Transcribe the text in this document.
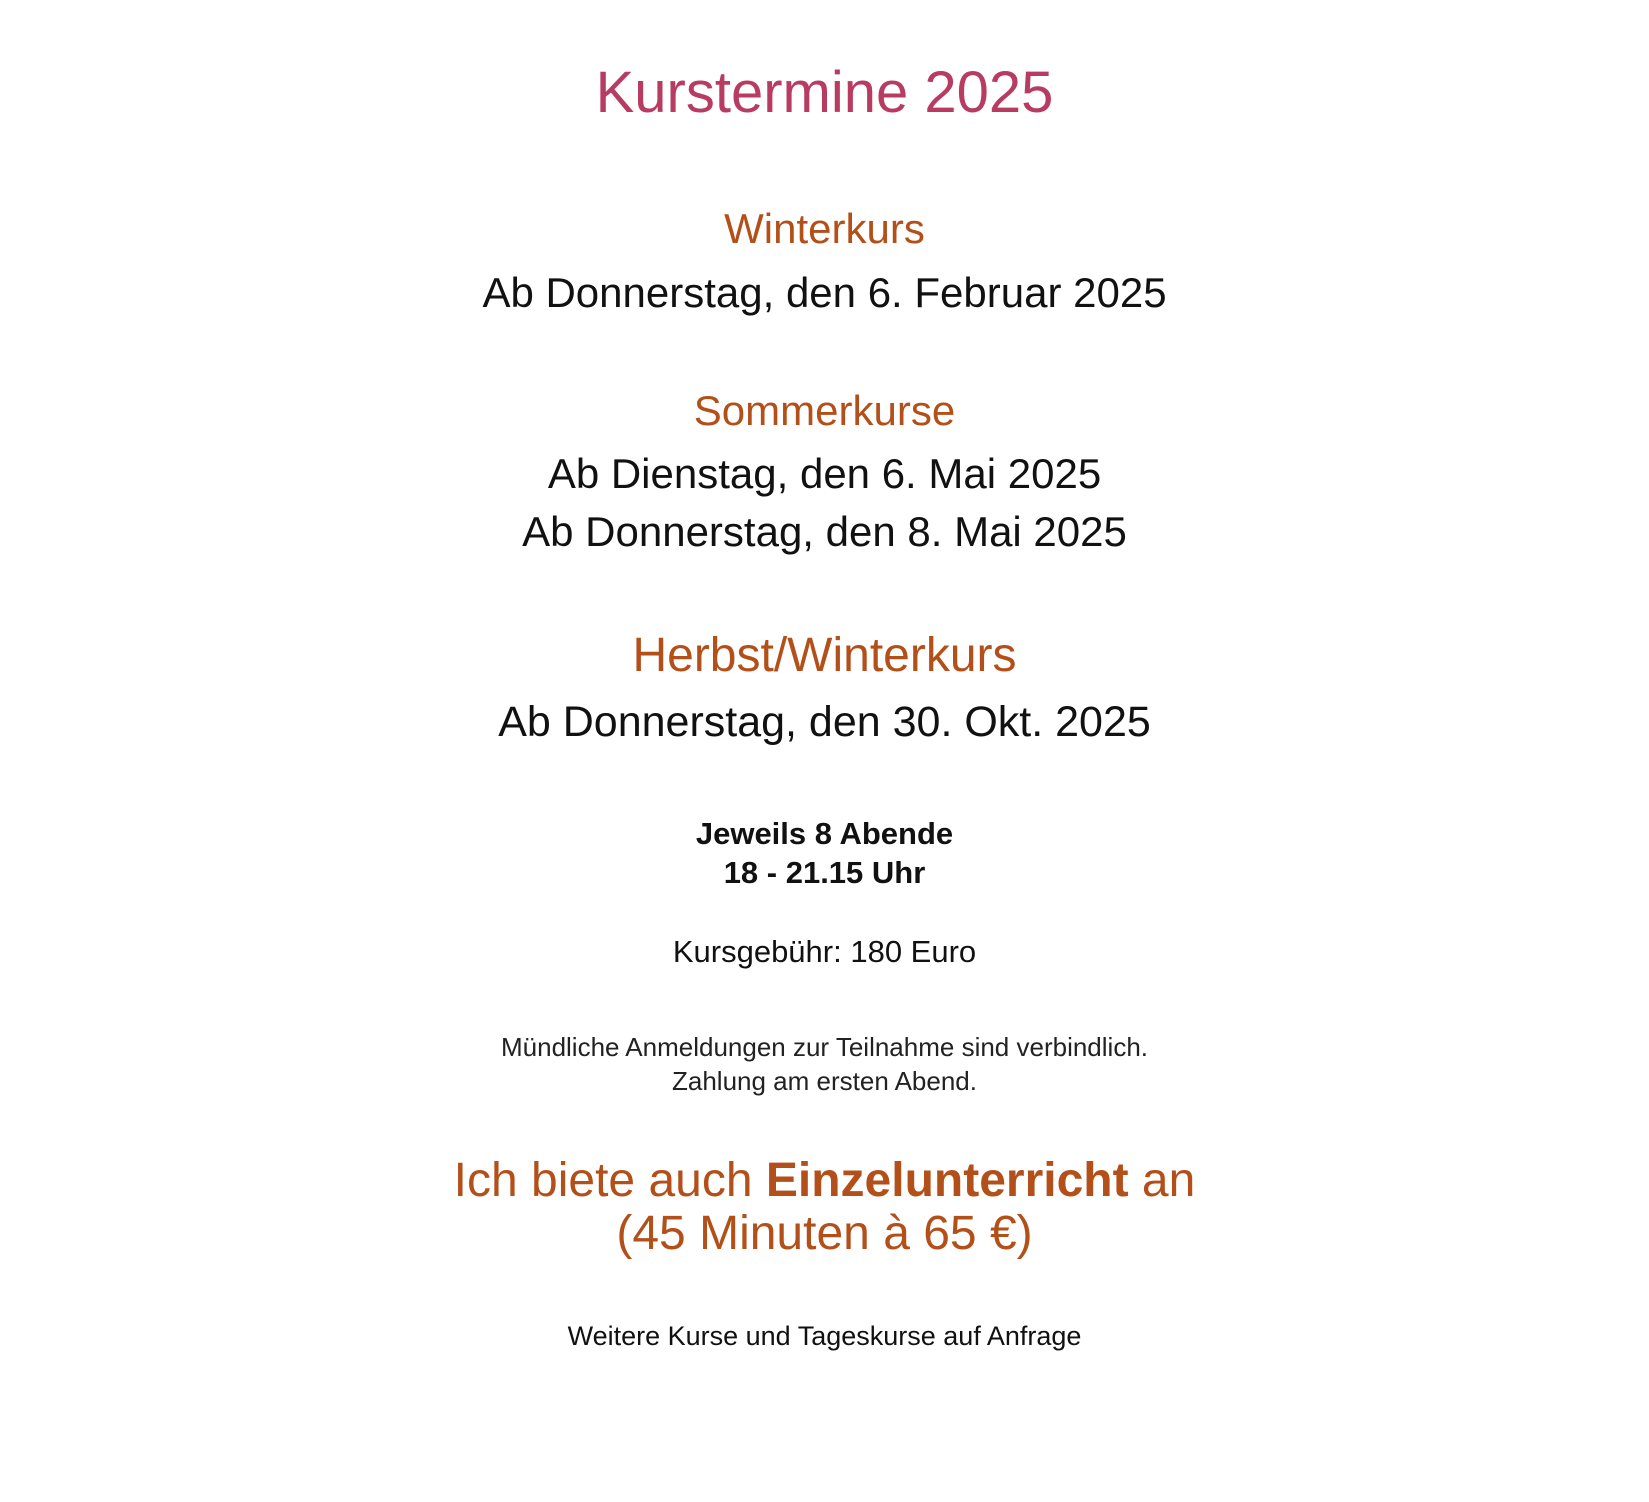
Kurstermine 2025
Winterkurs
Ab Donnerstag, den 6. Februar 2025
Sommerkurse
Ab Dienstag, den 6. Mai 2025
Ab Donnerstag, den 8. Mai 2025
Herbst/Winterkurs
Ab Donnerstag, den 30. Okt. 2025
Jeweils 8 Abende
18 - 21.15 Uhr
Kursgebühr: 180 Euro
Mündliche Anmeldungen zur Teilnahme sind verbindlich.
Zahlung am ersten Abend.
Ich biete auch Einzelunterricht an
(45 Minuten à 65 €)
Weitere Kurse und Tageskurse auf Anfrage
